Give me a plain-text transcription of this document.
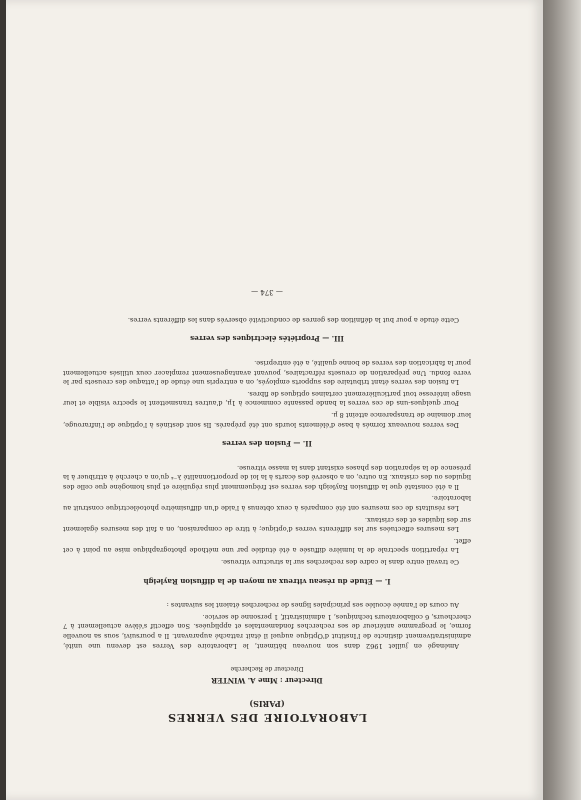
LABORATOIRE DES VERRES
(PARIS)
Directeur : Mme A. WINTER
Directeur de Recherche

Aménagé en juillet 1962 dans son nouveau bâtiment, le Laboratoire des Verres est devenu une unité, administrativement distincte de l'Institut d'Optique auquel il était rattaché auparavant. Il a poursuivi, sous sa nouvelle forme, le programme antérieur de ses recherches fondamentales et appliquées. Son effectif s'élève actuellement à 7 chercheurs, 6 collaborateurs techniques, 1 administratif, 1 personne de service.

Au cours de l'année écoulée ses principales lignes de recherches étaient les suivantes :

I. — Etude du réseau vitreux au moyen de la diffusion Rayleigh

Ce travail entre dans le cadre des recherches sur la structure vitreuse.

La répartition spectrale de la lumière diffusée a été étudiée par une méthode photographique mise au point à cet effet.

Les mesures effectuées sur les différents verres d'optique; à titre de comparaison, on a fait des mesures également sur des liquides et des cristaux.

Les résultats de ces mesures ont été comparés à ceux obtenus à l'aide d'un diffusimètre photoélectrique construit au laboratoire.

Il a été constaté que la diffusion Rayleigh des verres est fréquemment plus régulière et plus homogène que celle des liquides ou des cristaux. En outre, on a observé des écarts à la loi de proportionnalité λ⁻⁴ qu'on a cherché à attribuer à la présence de la séparation des phases existant dans la masse vitreuse.

II. — Fusion des verres

Des verres nouveaux formés à base d'éléments lourds ont été préparés. Ils sont destinés à l'optique de l'infrarouge, leur domaine de transparence atteint 8 µ.

Pour quelques-uns de ces verres la bande passante commence à 1µ, d'autres transmettent le spectre visible et leur usage intéresse tout particulièrement certaines optiques de fibres.

La fusion des verres étant tributaire des supports employés, on a entrepris une étude de l'attaque des creusets par le verre fondu. Une préparation de creusets réfractaires, pouvant avantageusement remplacer ceux utilisés actuellement pour la fabrication des verres de bonne qualité, a été entreprise.

III. — Propriétés électriques des verres

Cette étude a pour but la définition des genres de conductivité observés dans les différents verres.

— 374 —
